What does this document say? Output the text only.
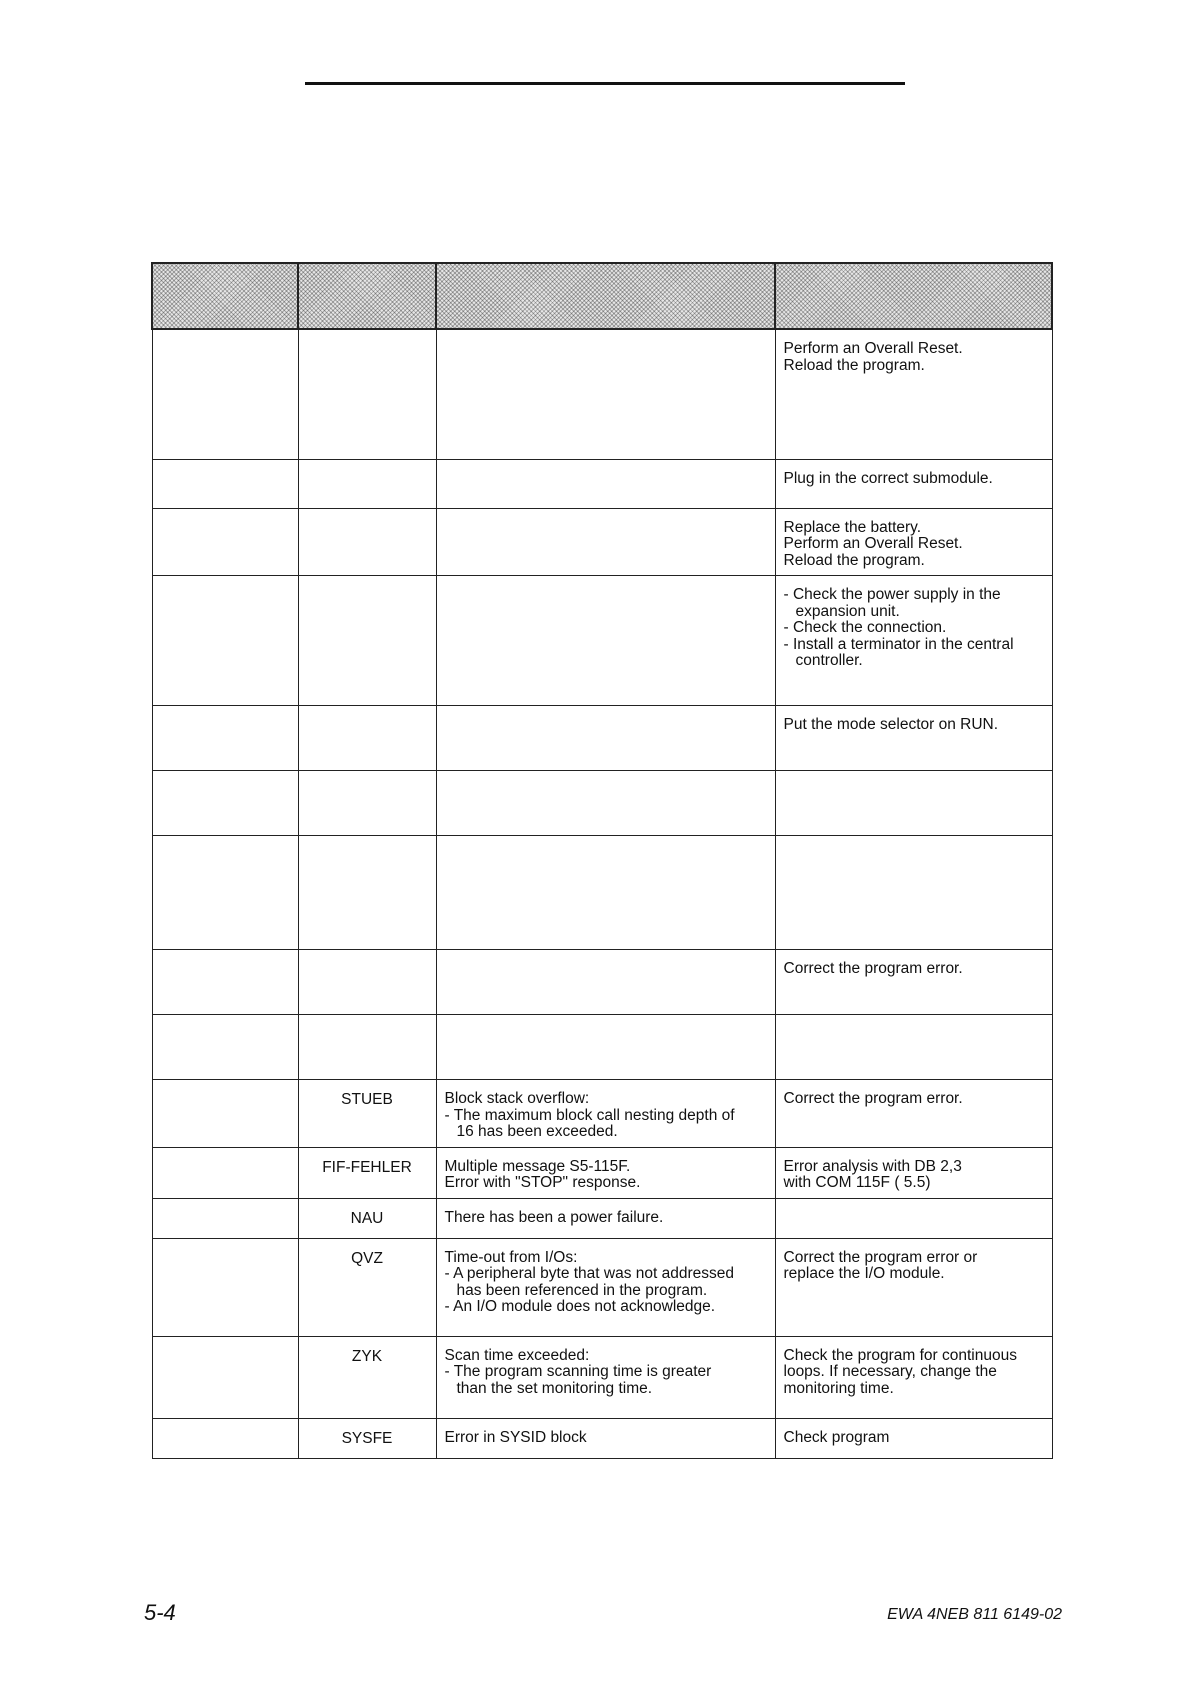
			Perform an Overall Reset.
Reload the program.

			Plug in the correct submodule.

			Replace the battery.
Perform an Overall Reset.
Reload the program.

			- Check the power supply in the
expansion unit.
- Check the connection.
- Install a terminator in the central
controller.

			Put the mode selector on RUN.

			Correct the program error.

	STUEB	Block stack overflow:
- The maximum block call nesting depth of
16 has been exceeded.	Correct the program error.

	FIF-FEHLER	Multiple message S5-115F.
Error with "STOP" response.	Error analysis with DB 2,3
with COM 115F ( 5.5)

	NAU	There has been a power failure.	

	QVZ	Time-out from I/Os:
- A peripheral byte that was not addressed
has been referenced in the program.
- An I/O module does not acknowledge.	Correct the program error or
replace the I/O module.

	ZYK	Scan time exceeded:
- The program scanning time is greater
than the set monitoring time.	Check the program for continuous
loops. If necessary, change the
monitoring time.

	SYSFE	Error in SYSID block	Check program
5-4	EWA 4NEB 811 6149-02
